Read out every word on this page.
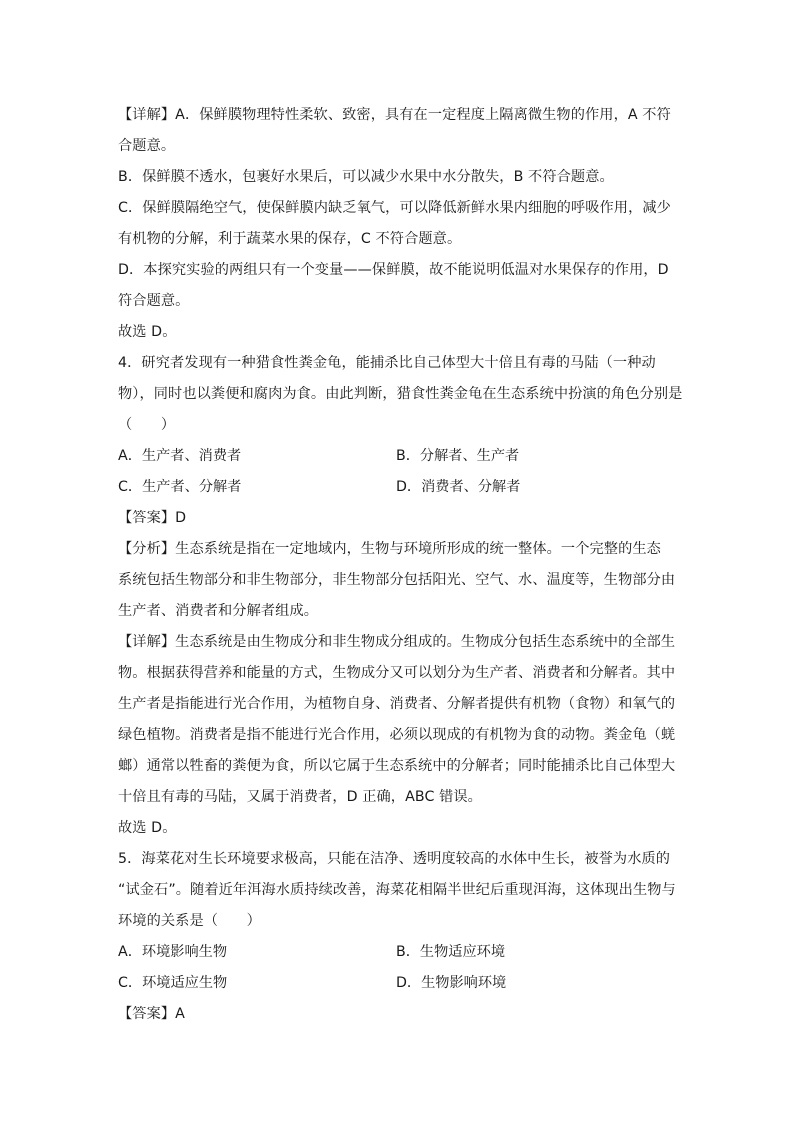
【详解】A．保鲜膜物理特性柔软、致密，具有在一定程度上隔离微生物的作用，A 不符
合题意。
B．保鲜膜不透水，包裹好水果后，可以减少水果中水分散失，B 不符合题意。
C．保鲜膜隔绝空气，使保鲜膜内缺乏氧气，可以降低新鲜水果内细胞的呼吸作用，减少
有机物的分解，利于蔬菜水果的保存，C 不符合题意。
D．本探究实验的两组只有一个变量——保鲜膜，故不能说明低温对水果保存的作用，D
符合题意。
故选 D。
4．研究者发现有一种猎食性粪金龟，能捕杀比自己体型大十倍且有毒的马陆（一种动
物），同时也以粪便和腐肉为食。由此判断，猎食性粪金龟在生态系统中扮演的角色分别是
（　　）
A．生产者、消费者	B．分解者、生产者
C．生产者、分解者	D．消费者、分解者
【答案】D
【分析】生态系统是指在一定地域内，生物与环境所形成的统一整体。一个完整的生态
系统包括生物部分和非生物部分，非生物部分包括阳光、空气、水、温度等，生物部分由
生产者、消费者和分解者组成。
【详解】生态系统是由生物成分和非生物成分组成的。生物成分包括生态系统中的全部生
物。根据获得营养和能量的方式，生物成分又可以划分为生产者、消费者和分解者。其中
生产者是指能进行光合作用，为植物自身、消费者、分解者提供有机物（食物）和氧气的
绿色植物。消费者是指不能进行光合作用，必须以现成的有机物为食的动物。粪金龟（蜣
螂）通常以牲畜的粪便为食，所以它属于生态系统中的分解者；同时能捕杀比自己体型大
十倍且有毒的马陆，又属于消费者，D 正确，ABC 错误。
故选 D。
5．海菜花对生长环境要求极高，只能在洁净、透明度较高的水体中生长，被誉为水质的
“试金石”。随着近年洱海水质持续改善，海菜花相隔半世纪后重现洱海，这体现出生物与
环境的关系是（　　）
A．环境影响生物	B．生物适应环境
C．环境适应生物	D．生物影响环境
【答案】A
